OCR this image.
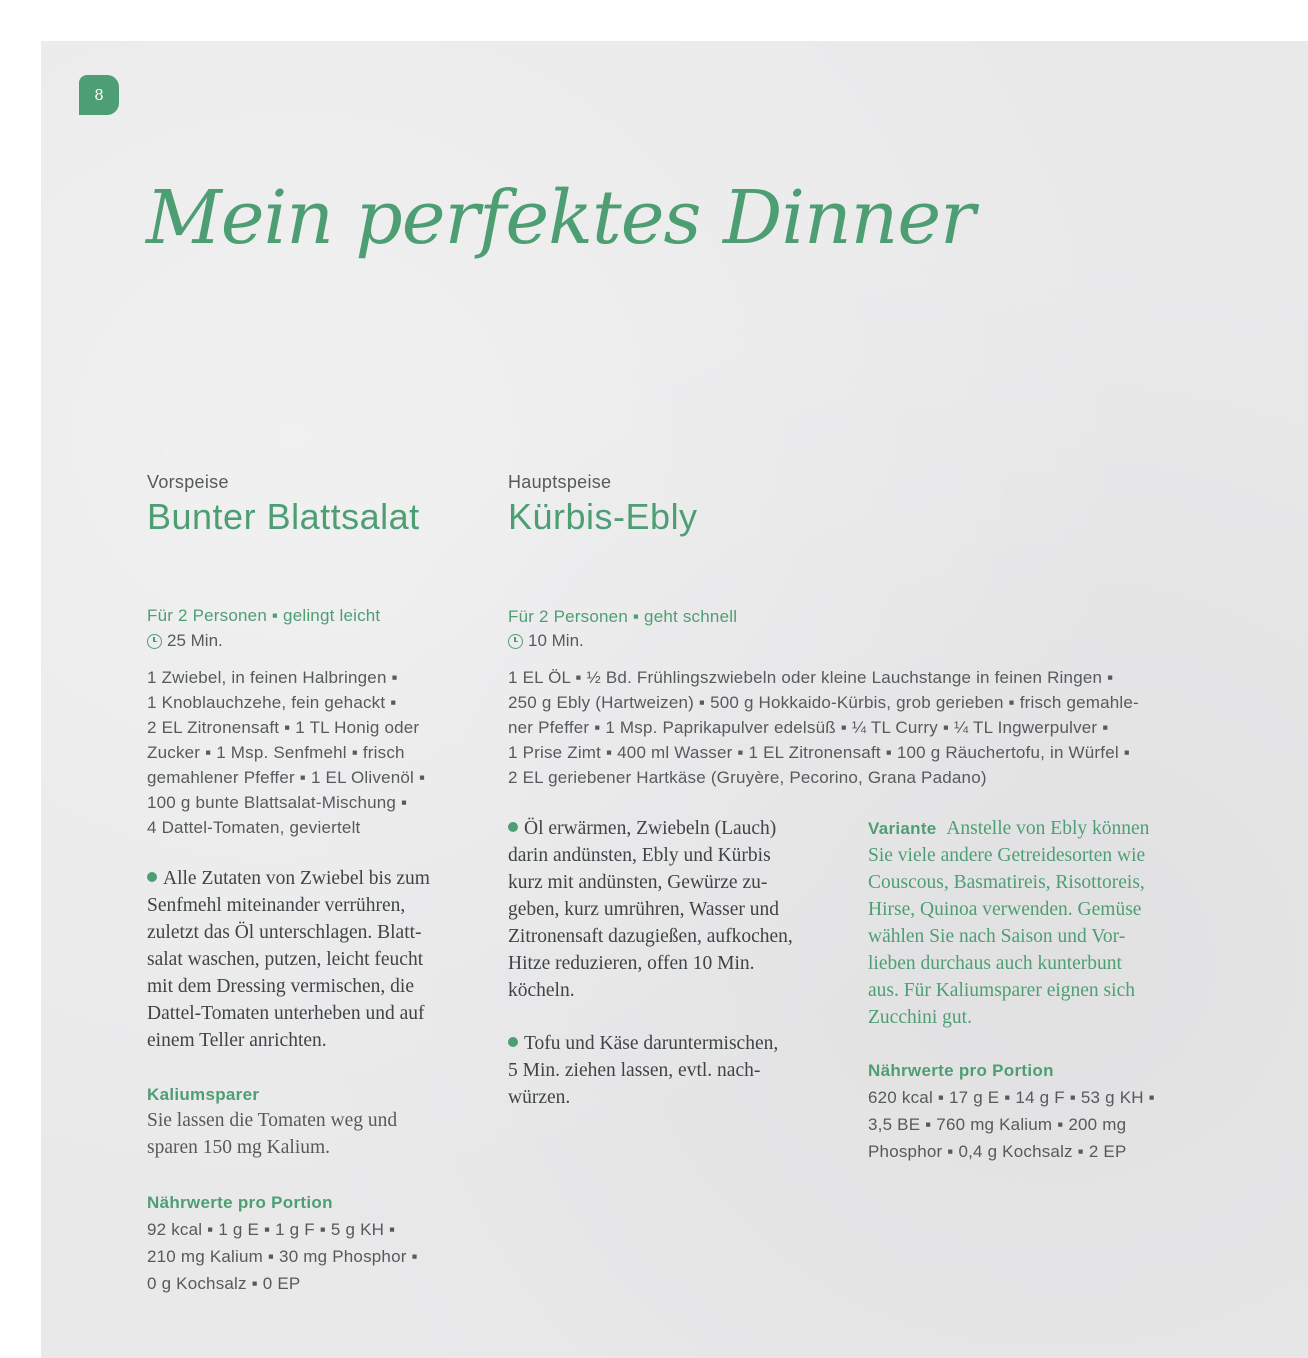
8
Mein perfektes Dinner
Vorspeise
Bunter Blattsalat
Für 2 Personen ▪ gelingt leicht
25 Min.
1 Zwiebel, in feinen Halbringen ▪
1 Knoblauchzehe, fein gehackt ▪
2 EL Zitronensaft ▪ 1 TL Honig oder
Zucker ▪ 1 Msp. Senfmehl ▪ frisch
gemahlener Pfeffer ▪ 1 EL Olivenöl ▪
100 g bunte Blattsalat-Mischung ▪
4 Dattel-Tomaten, geviertelt
Alle Zutaten von Zwiebel bis zum
Senfmehl miteinander verrühren,
zuletzt das Öl unterschlagen. Blatt-
salat waschen, putzen, leicht feucht
mit dem Dressing vermischen, die
Dattel-Tomaten unterheben und auf
einem Teller anrichten.
Kaliumsparer
Sie lassen die Tomaten weg und
sparen 150 mg Kalium.
Nährwerte pro Portion
92 kcal ▪ 1 g E ▪ 1 g F ▪ 5 g KH ▪
210 mg Kalium ▪ 30 mg Phosphor ▪
0 g Kochsalz ▪ 0 EP
Hauptspeise
Kürbis-Ebly
Für 2 Personen ▪ geht schnell
10 Min.
1 EL ÖL ▪ ½ Bd. Frühlingszwiebeln oder kleine Lauchstange in feinen Ringen ▪
250 g Ebly (Hartweizen) ▪ 500 g Hokkaido-Kürbis, grob gerieben ▪ frisch gemahle-
ner Pfeffer ▪ 1 Msp. Paprikapulver edelsüß ▪ ¼ TL Curry ▪ ¼ TL Ingwerpulver ▪
1 Prise Zimt ▪ 400 ml Wasser ▪ 1 EL Zitronensaft ▪ 100 g Räuchertofu, in Würfel ▪
2 EL geriebener Hartkäse (Gruyère, Pecorino, Grana Padano)
Öl erwärmen, Zwiebeln (Lauch)
darin andünsten, Ebly und Kürbis
kurz mit andünsten, Gewürze zu-
geben, kurz umrühren, Wasser und
Zitronensaft dazugießen, aufkochen,
Hitze reduzieren, offen 10 Min.
köcheln.
Tofu und Käse daruntermischen,
5 Min. ziehen lassen, evtl. nach-
würzen.
Variante Anstelle von Ebly können
Sie viele andere Getreidesorten wie
Couscous, Basmatireis, Risottoreis,
Hirse, Quinoa verwenden. Gemüse
wählen Sie nach Saison und Vor-
lieben durchaus auch kunterbunt
aus. Für Kaliumsparer eignen sich
Zucchini gut.
Nährwerte pro Portion
620 kcal ▪ 17 g E ▪ 14 g F ▪ 53 g KH ▪
3,5 BE ▪ 760 mg Kalium ▪ 200 mg
Phosphor ▪ 0,4 g Kochsalz ▪ 2 EP
